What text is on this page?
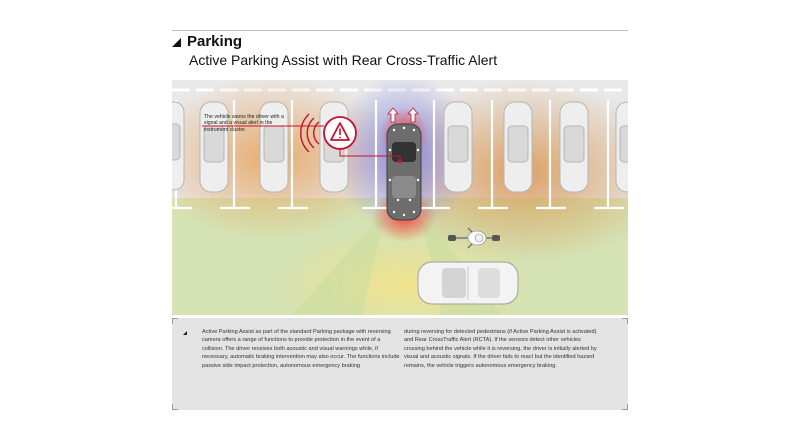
Parking
Active Parking Assist with Rear Cross-Traffic Alert
The vehicle warns the driver with a signal and a visual alert in the instrument cluster.
Active Parking Assist as part of the standard Parking package with reversing camera offers a range of functions to provide protection in the event of a collision. The driver receives both acoustic and visual warnings while, if necessary, automatic braking intervention may also occur. The functions include passive side impact protection, autonomous emergency braking
during reversing for detected pedestrians (if Active Parking Assist is activated) and Rear CrossTraffic Alert (RCTA). If the sensors detect other vehicles crossing behind the vehicle while it is reversing, the driver is initially alerted by visual and acoustic signals. If the driver fails to react but the identified hazard remains, the vehicle triggers autonomous emergency braking.
